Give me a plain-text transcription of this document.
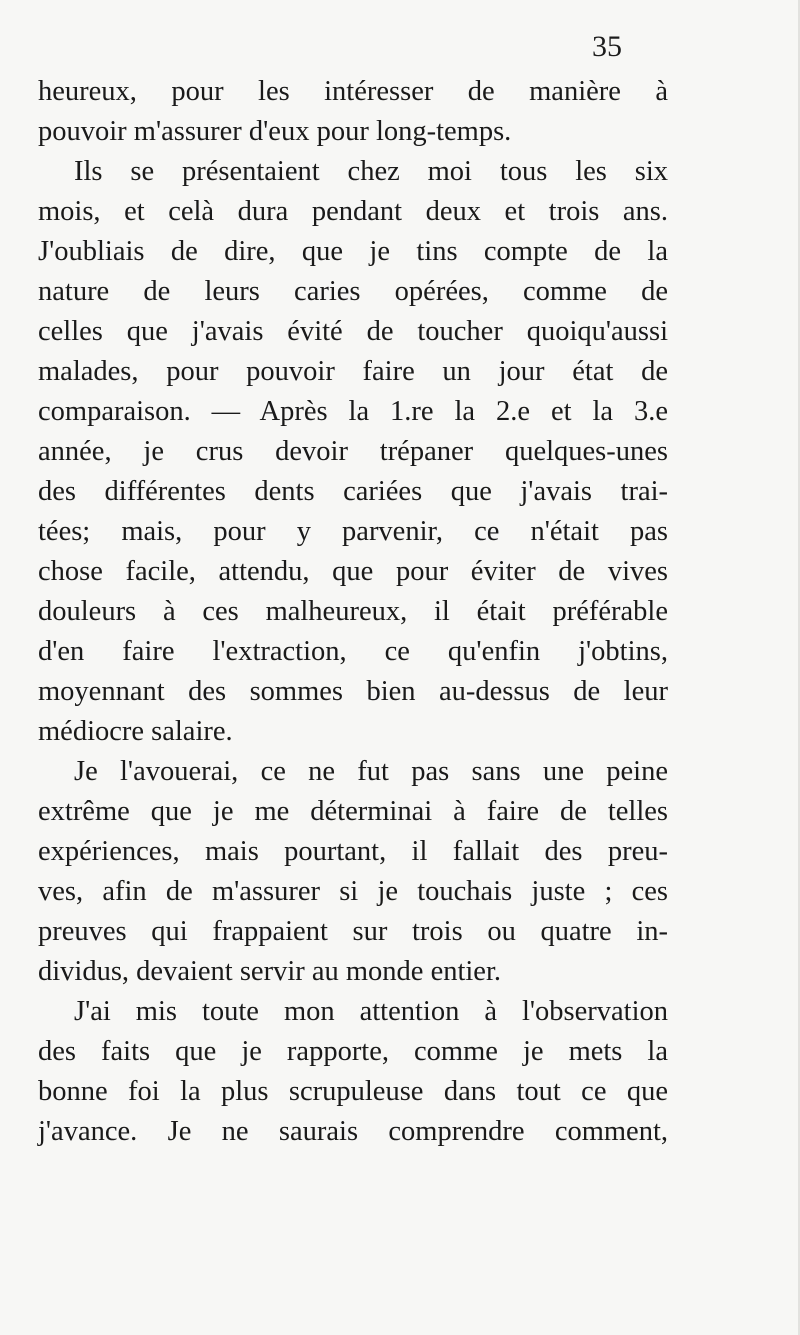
35
heureux, pour les intéresser de manière à
pouvoir m'assurer d'eux pour long-temps.
Ils se présentaient chez moi tous les six
mois, et celà dura pendant deux et trois ans.
J'oubliais de dire, que je tins compte de la
nature de leurs caries opérées, comme de
celles que j'avais évité de toucher quoiqu'aussi
malades, pour pouvoir faire un jour état de
comparaison. — Après la 1.re la 2.e et la 3.e
année, je crus devoir trépaner quelques-unes
des différentes dents cariées que j'avais trai-
tées; mais, pour y parvenir, ce n'était pas
chose facile, attendu, que pour éviter de vives
douleurs à ces malheureux, il était préférable
d'en faire l'extraction, ce qu'enfin j'obtins,
moyennant des sommes bien au-dessus de leur
médiocre salaire.
Je l'avouerai, ce ne fut pas sans une peine
extrême que je me déterminai à faire de telles
expériences, mais pourtant, il fallait des preu-
ves, afin de m'assurer si je touchais juste ; ces
preuves qui frappaient sur trois ou quatre in-
dividus, devaient servir au monde entier.
J'ai mis toute mon attention à l'observation
des faits que je rapporte, comme je mets la
bonne foi la plus scrupuleuse dans tout ce que
j'avance. Je ne saurais comprendre comment,
